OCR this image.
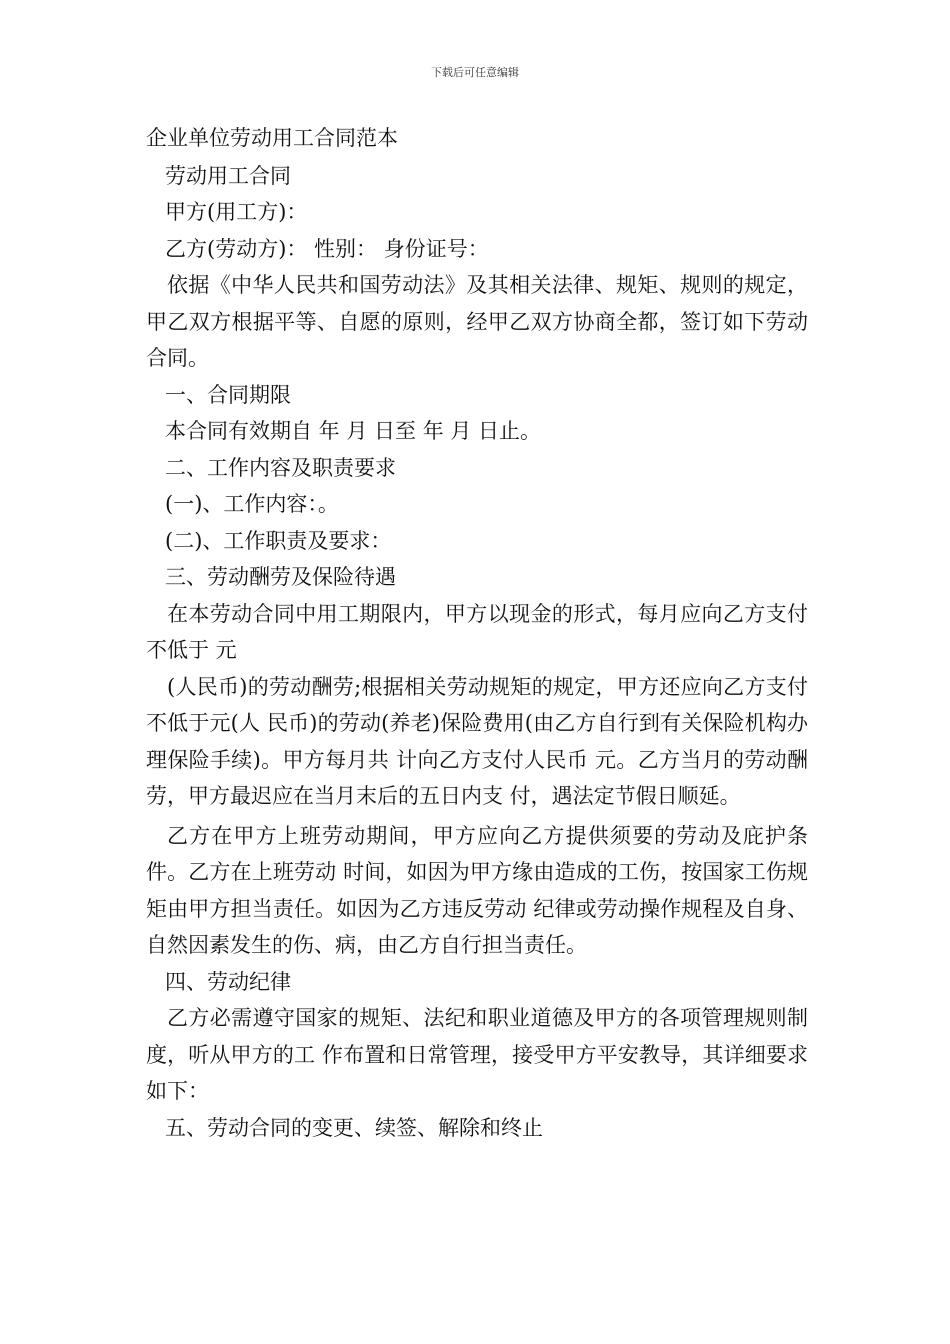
下载后可任意编辑

企业单位劳动用工合同范本

劳动用工合同

甲方(用工方)：

乙方(劳动方)： 性别： 身份证号：

依据《中华人民共和国劳动法》及其相关法律、规矩、规则的规定，甲乙双方根据平等、自愿的原则，经甲乙双方协商全都，签订如下劳动合同。

一、合同期限

本合同有效期自 年 月 日至 年 月 日止。

二、工作内容及职责要求

(一)、工作内容：。

(二)、工作职责及要求：

三、劳动酬劳及保险待遇

在本劳动合同中用工期限内，甲方以现金的形式，每月应向乙方支付不低于 元

(人民币)的劳动酬劳;根据相关劳动规矩的规定，甲方还应向乙方支付不低于元(人 民币)的劳动(养老)保险费用(由乙方自行到有关保险机构办理保险手续)。甲方每月共 计向乙方支付人民币 元。乙方当月的劳动酬劳，甲方最迟应在当月末后的五日内支 付，遇法定节假日顺延。

乙方在甲方上班劳动期间，甲方应向乙方提供须要的劳动及庇护条件。乙方在上班劳动 时间，如因为甲方缘由造成的工伤，按国家工伤规矩由甲方担当责任。如因为乙方违反劳动 纪律或劳动操作规程及自身、自然因素发生的伤、病，由乙方自行担当责任。

四、劳动纪律

乙方必需遵守国家的规矩、法纪和职业道德及甲方的各项管理规则制度，听从甲方的工 作布置和日常管理，接受甲方平安教导，其详细要求如下：

五、劳动合同的变更、续签、解除和终止
